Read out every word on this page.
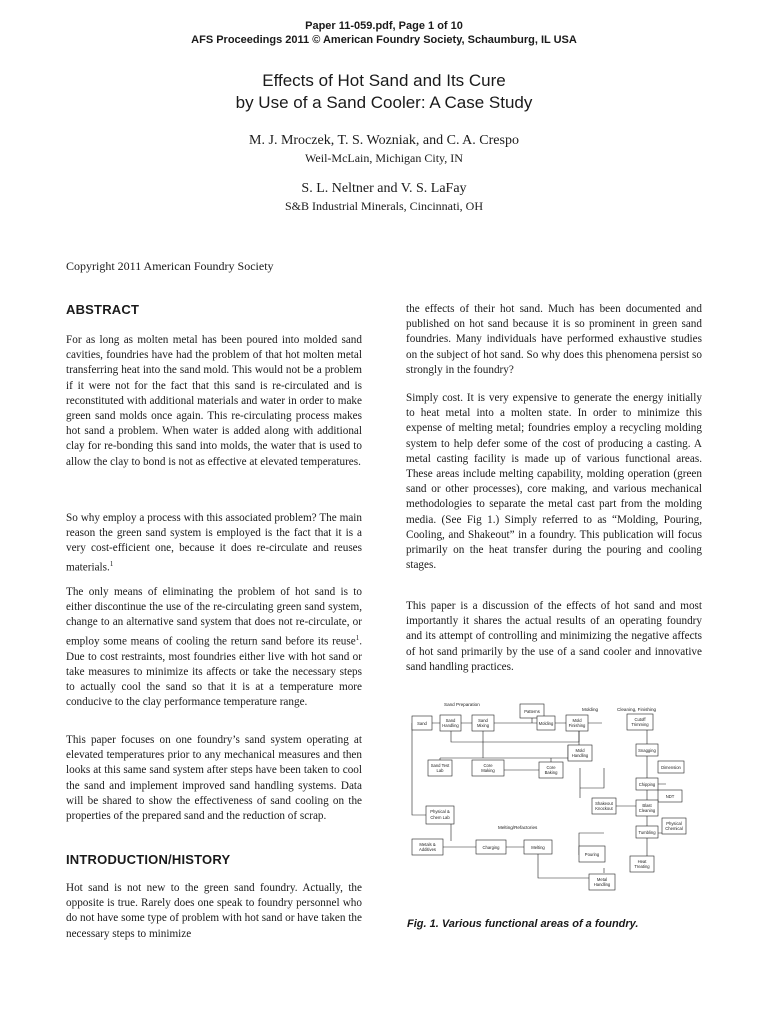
Paper 11-059.pdf, Page 1 of 10
AFS Proceedings 2011 © American Foundry Society, Schaumburg, IL USA
Effects of Hot Sand and Its Cure
by Use of a Sand Cooler: A Case Study
M. J. Mroczek, T. S. Wozniak, and C. A. Crespo
Weil-McLain, Michigan City, IN
S. L. Neltner and V. S. LaFay
S&B Industrial Minerals, Cincinnati, OH
Copyright 2011 American Foundry Society
ABSTRACT

For as long as molten metal has been poured into molded sand cavities, foundries have had the problem of that hot molten metal transferring heat into the sand mold. This would not be a problem if it were not for the fact that this sand is re-circulated and is reconstituted with additional materials and water in order to make green sand molds once again. This re-circulating process makes hot sand a problem. When water is added along with additional clay for re-bonding this sand into molds, the water that is used to allow the clay to bond is not as effective at elevated temperatures.

So why employ a process with this associated problem? The main reason the green sand system is employed is the fact that it is a very cost-efficient one, because it does re-circulate and reuses materials.$^1$

The only means of eliminating the problem of hot sand is to either discontinue the use of the re-circulating green sand system, change to an alternative sand system that does not re-circulate, or employ some means of cooling the return sand before its reuse$^1$. Due to cost restraints, most foundries either live with hot sand or take measures to minimize its affects or take the necessary steps to actually cool the sand so that it is at a temperature more conducive to the clay performance temperature range.

This paper focuses on one foundry’s sand system operating at elevated temperatures prior to any mechanical measures and then looks at this same sand system after steps have been taken to cool the sand and implement improved sand handling systems. Data will be shared to show the effectiveness of sand cooling on the properties of the prepared sand and the reduction of scrap.

INTRODUCTION/HISTORY

Hot sand is not new to the green sand foundry. Actually, the opposite is true. Rarely does one speak to foundry personnel who do not have some type of problem with hot sand or have taken the necessary steps to minimize

the effects of their hot sand. Much has been documented and published on hot sand because it is so prominent in green sand foundries. Many individuals have performed exhaustive studies on the subject of hot sand. So why does this phenomena persist so strongly in the foundry?

Simply cost. It is very expensive to generate the energy initially to heat metal into a molten state. In order to minimize this expense of melting metal; foundries employ a recycling molding system to help defer some of the cost of producing a casting. A metal casting facility is made up of various functional areas. These areas include melting capability, molding operation (green sand or other processes), core making, and various mechanical methodologies to separate the metal cast part from the molding media. (See Fig 1.) Simply referred to as “Molding, Pouring, Cooling, and Shakeout” in a foundry. This publication will focus primarily on the heat transfer during the pouring and cooling stages.

This paper is a discussion of the effects of hot sand and most importantly it shares the actual results of an operating foundry and its attempt of controlling and minimizing the negative affects of hot sand primarily by the use of a sand cooler and innovative sand handling practices.

Sand Preparation
Molding	Cleaning, Finishing
Melting/Refactories
Sand
Sand
Handling
Sand
Mixing
Patterns
Molding
Mold
Finishing
Cutoff
Trimming
Mold
Handling
Snagging
Sand Test
Lab
Core
Making
Core
Baking
Dimension
Chipping
NDT
Physical &
Chem Lab
Shakeout
Knockout
Blast
Cleaning
Physical
Chemical
Tumbling
Metals &
Additives	Charging	Melting
Pouring
Heat
Treating
Metal
Handling
Fig. 1. Various functional areas of a foundry.
